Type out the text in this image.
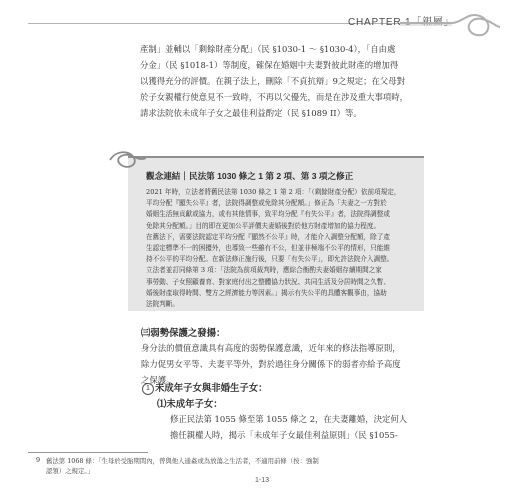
CHAPTER 1「親屬」
產制」並輔以「剩餘財產分配」（民 §1030-1 ～ §1030-4），「自由處
分金」（民 §1018-1）等制度，確保在婚姻中夫妻對彼此財產的增加得
以獲得充分的評價。在親子法上，刪除「不貞抗辯」9之規定；在父母對
於子女親權行使意見不一致時，不再以父優先，而是在涉及重大事項時，
請求法院依未成年子女之最佳利益酌定（民 §1089 II）等。
觀念連結｜民法第 1030 條之 1 第 2 項、第 3 項之修正
2021 年時，立法者將舊民法第 1030 條之 1 第 2 項：「（剩餘財產分配）依前項規定，
平均分配『顯失公平』者，法院得調整或免除其分配額。」修正為「夫妻之一方對於
婚姻生活無貢獻或協力，或有其他情事，致平均分配『有失公平』者，法院得調整或
免除其分配額。」目的即在更加公平評價夫妻婚後對於他方財產增加的協力程度。
在舊法下，需要法院認定平均分配『顯然不公平』時，才能介入調整分配額，除了產
生認定標準不一的困擾外，也導致一些雖有不公，但並非極端不公平的情形，只能維
持不公平的平均分配。在新法修正施行後，只要「有失公平」，即允許法院介入調整。
立法者並訂同條第 3 項：「法院為前項裁判時，應綜合衡酌夫妻婚姻存續期間之家
事勞動、子女照顧養育、對家庭付出之整體協力狀況、共同生活及分居時間之久暫、
婚後財產取得時間、雙方之經濟能力等因素。」揭示有失公平的具體客觀事由，協助
法院判斷。
㈢弱勢保護之發揚：
身分法的價值意識具有高度的弱勢保護意識，近年來的修法指導原則，
除力促男女平等、夫妻平等外，對於過往身分關係下的弱者亦給予高度
之保護。
1 未成年子女與非婚生子女：
⑴未成年子女：
修正民法第 1055 條至第 1055 條之 2，在夫妻離婚，決定何人
擔任親權人時，揭示「未成年子女最佳利益原則」（民 §1055-
9 舊法第 1068 條：「生母於受胎期間內，曾與他人通姦或為放蕩之生活者，不適用前條（按：強制
認領）之規定。」
1-13
